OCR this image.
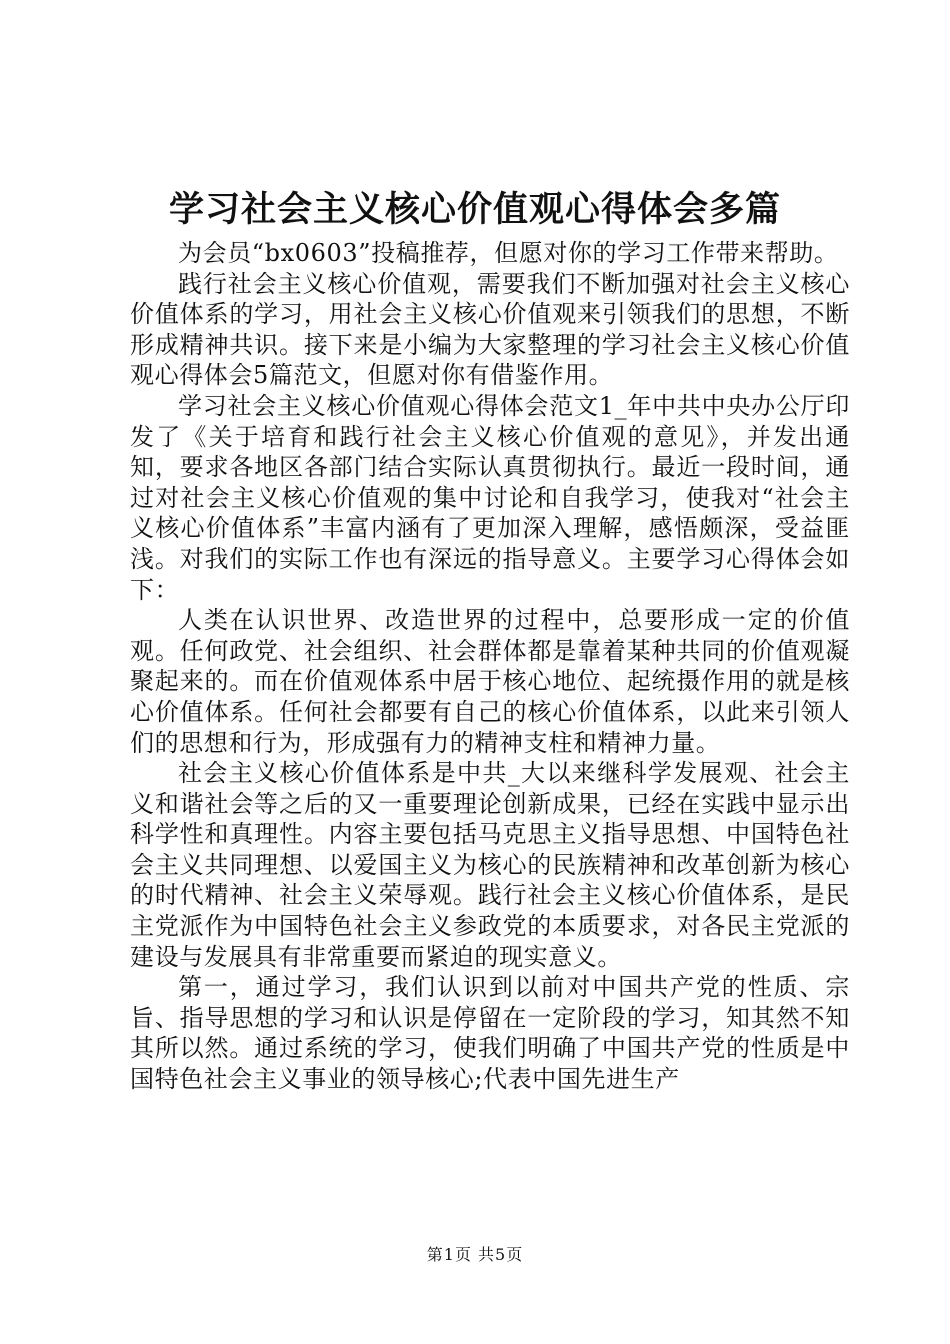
学习社会主义核心价值观心得体会多篇

为会员“bx0603”投稿推荐，但愿对你的学习工作带来帮助。

践行社会主义核心价值观，需要我们不断加强对社会主义核心价值体系的学习，用社会主义核心价值观来引领我们的思想，不断形成精神共识。接下来是小编为大家整理的学习社会主义核心价值观心得体会5篇范文，但愿对你有借鉴作用。

学习社会主义核心价值观心得体会范文1_年中共中央办公厅印发了《关于培育和践行社会主义核心价值观的意见》，并发出通知，要求各地区各部门结合实际认真贯彻执行。最近一段时间，通过对社会主义核心价值观的集中讨论和自我学习，使我对“社会主义核心价值体系”丰富内涵有了更加深入理解，感悟颇深，受益匪浅。对我们的实际工作也有深远的指导意义。主要学习心得体会如下：

人类在认识世界、改造世界的过程中，总要形成一定的价值观。任何政党、社会组织、社会群体都是靠着某种共同的价值观凝聚起来的。而在价值观体系中居于核心地位、起统摄作用的就是核心价值体系。任何社会都要有自己的核心价值体系，以此来引领人们的思想和行为，形成强有力的精神支柱和精神力量。

社会主义核心价值体系是中共_大以来继科学发展观、社会主义和谐社会等之后的又一重要理论创新成果，已经在实践中显示出科学性和真理性。内容主要包括马克思主义指导思想、中国特色社会主义共同理想、以爱国主义为核心的民族精神和改革创新为核心的时代精神、社会主义荣辱观。践行社会主义核心价值体系，是民主党派作为中国特色社会主义参政党的本质要求，对各民主党派的建设与发展具有非常重要而紧迫的现实意义。

第一，通过学习，我们认识到以前对中国共产党的性质、宗旨、指导思想的学习和认识是停留在一定阶段的学习，知其然不知其所以然。通过系统的学习，使我们明确了中国共产党的性质是中国特色社会主义事业的领导核心;代表中国先进生产

第1页 共5页
